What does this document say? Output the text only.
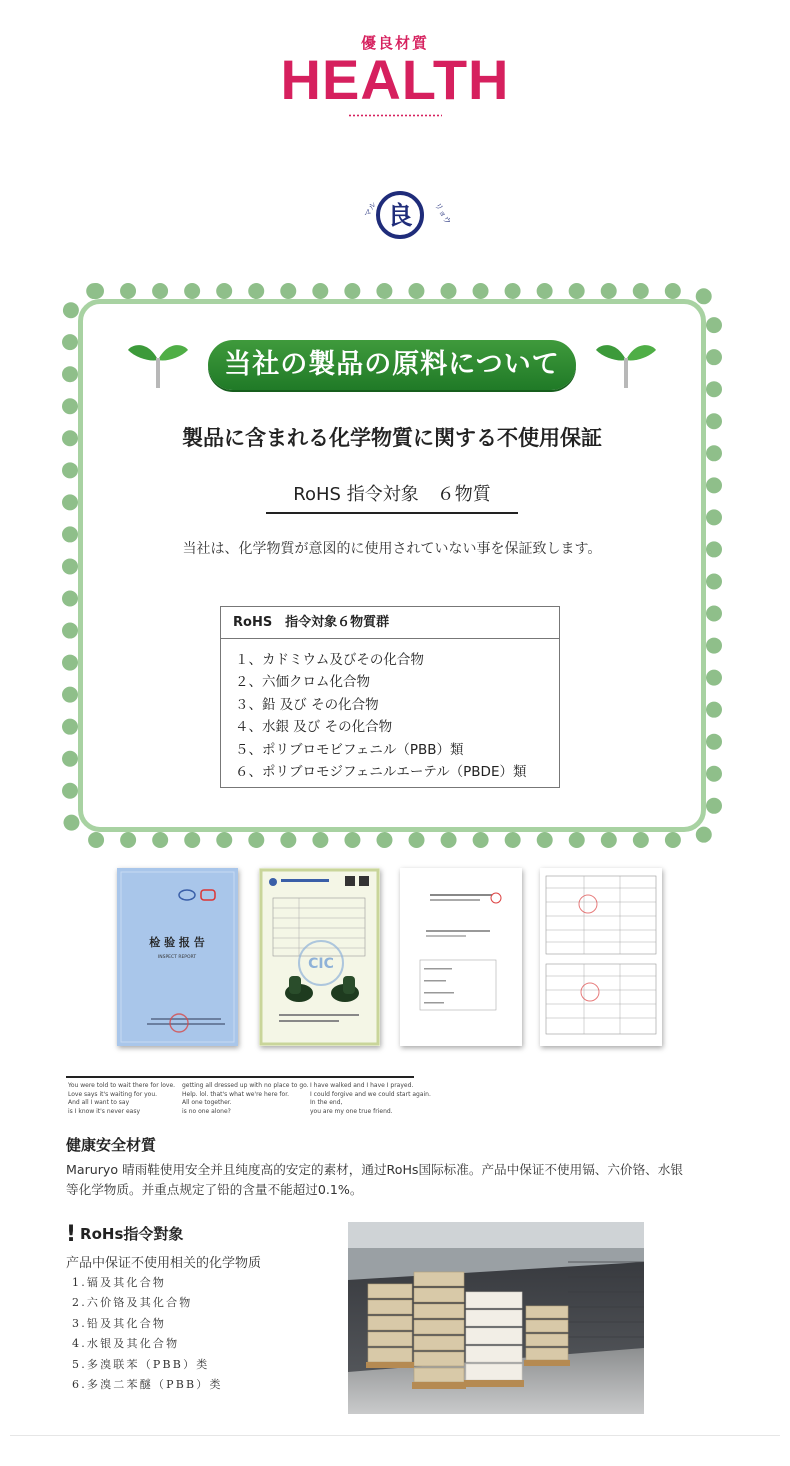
優良材質
HEALTH
良
マル	リョウ
当社の製品の原料について
製品に含まれる化学物質に関する不使用保証
RoHS 指令対象　６物質
当社は、化学物質が意図的に使用されていない事を保証致します。
RoHS　指令対象６物質群
１、カドミウム及びその化合物
２、六価クロム化合物
３、鉛 及び その化合物
４、水銀 及び その化合物
５、ポリブロモビフェニル（PBB）類
６、ポリブロモジフェニルエーテル（PBDE）類
检 验 报 告
INSPECT REPORT	CIC
You were told to wait there for love.
Love says it's waiting for you.
And all I want to say
is I know it's never easy
getting all dressed up with no place to go.
Help. lol. that's what we're here for.
All one together.
is no one alone?
I have walked and I have I prayed.
I could forgive and we could start again.
In the end,
you are my one true friend.
健康安全材質
Maruryo 晴雨鞋使用安全并且纯度高的安定的素材，通过RoHs国际标准。产品中保证不使用镉、六价铬、水银等化学物质。并重点规定了铅的含量不能超过0.1%。
! RoHs指令對象
产品中保证不使用相关的化学物质
1.镉及其化合物
2.六价铬及其化合物
3.铅及其化合物
4.水银及其化合物
5.多溴联苯（PBB）类
6.多溴二苯醚（PBB）类
